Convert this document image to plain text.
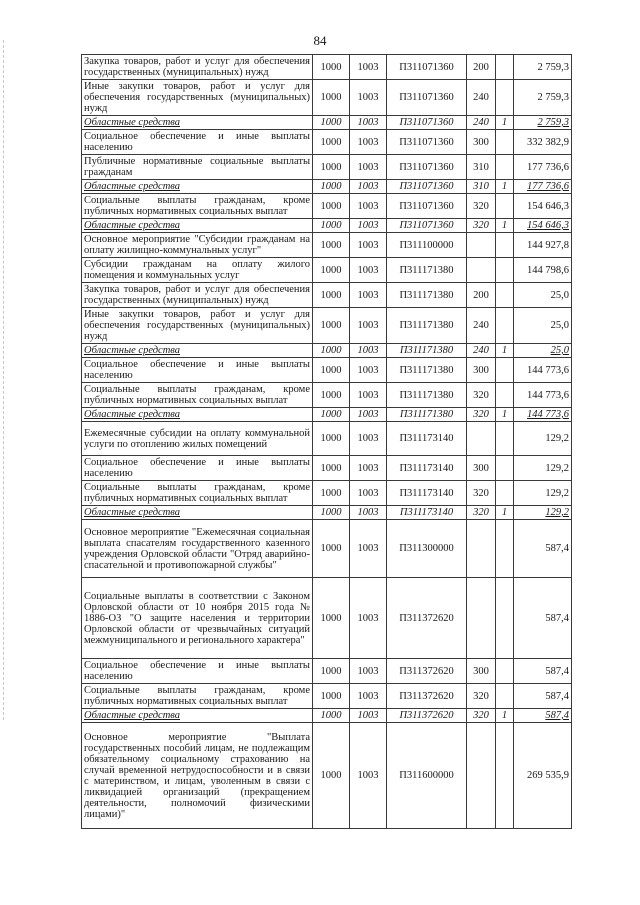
84
Закупка товаров, работ и услуг для обеспечения государственных (муниципальных) нужд	1000	1003	П311071360	200		2 759,3
Иные закупки товаров, работ и услуг для обеспечения государственных (муниципальных) нужд	1000	1003	П311071360	240		2 759,3
Областные средства	1000	1003	П311071360	240	1	2 759,3
Социальное обеспечение и иные выплаты населению	1000	1003	П311071360	300		332 382,9
Публичные нормативные социальные выплаты гражданам	1000	1003	П311071360	310		177 736,6
Областные средства	1000	1003	П311071360	310	1	177 736,6
Социальные выплаты гражданам, кроме публичных нормативных социальных выплат	1000	1003	П311071360	320		154 646,3
Областные средства	1000	1003	П311071360	320	1	154 646,3
Основное мероприятие "Субсидии гражданам на оплату жилищно-коммунальных услуг"	1000	1003	П311100000			144 927,8
Субсидии гражданам на оплату жилого помещения и коммунальных услуг	1000	1003	П311171380			144 798,6
Закупка товаров, работ и услуг для обеспечения государственных (муниципальных) нужд	1000	1003	П311171380	200		25,0
Иные закупки товаров, работ и услуг для обеспечения государственных (муниципальных) нужд	1000	1003	П311171380	240		25,0
Областные средства	1000	1003	П311171380	240	1	25,0
Социальное обеспечение и иные выплаты населению	1000	1003	П311171380	300		144 773,6
Социальные выплаты гражданам, кроме публичных нормативных социальных выплат	1000	1003	П311171380	320		144 773,6
Областные средства	1000	1003	П311171380	320	1	144 773,6
Ежемесячные субсидии на оплату коммунальной услуги по отоплению жилых помещений	1000	1003	П311173140			129,2
Социальное обеспечение и иные выплаты населению	1000	1003	П311173140	300		129,2
Социальные выплаты гражданам, кроме публичных нормативных социальных выплат	1000	1003	П311173140	320		129,2
Областные средства	1000	1003	П311173140	320	1	129,2
Основное мероприятие "Ежемесячная социальная выплата спасателям государственного казенного учреждения Орловской области "Отряд аварийно-спасательной и противопожарной службы"	1000	1003	П311300000			587,4
Социальные выплаты в соответствии с Законом Орловской области от 10 ноября 2015 года № 1886-ОЗ "О защите населения и территории Орловской области от чрезвычайных ситуаций межмуниципального и регионального характера"	1000	1003	П311372620			587,4
Социальное обеспечение и иные выплаты населению	1000	1003	П311372620	300		587,4
Социальные выплаты гражданам, кроме публичных нормативных социальных выплат	1000	1003	П311372620	320		587,4
Областные средства	1000	1003	П311372620	320	1	587,4
Основное мероприятие "Выплата государственных пособий лицам, не подлежащим обязательному социальному страхованию на случай временной нетрудоспособности и в связи с материнством, и лицам, уволенным в связи с ликвидацией организаций (прекращением деятельности, полномочий физическими лицами)"	1000	1003	П311600000			269 535,9
